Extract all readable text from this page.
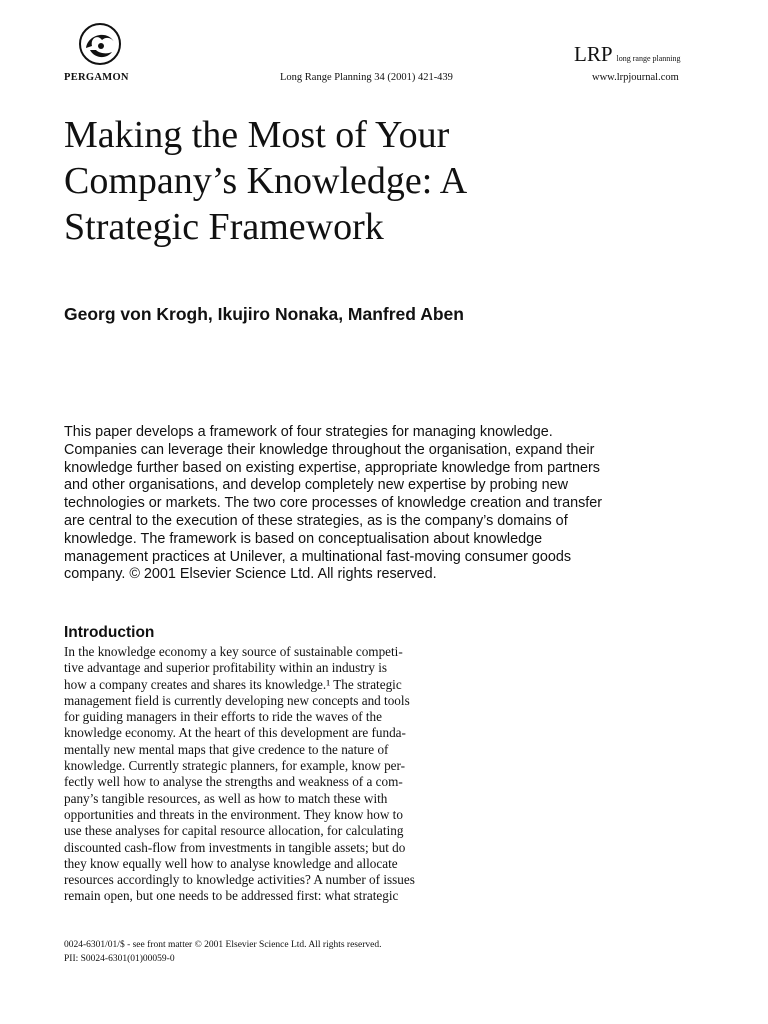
PERGAMON	Long Range Planning 34 (2001) 421-439
LRP long range planning
www.lrpjournal.com
Making the Most of Your
Company’s Knowledge: A
Strategic Framework

Georg von Krogh, Ikujiro Nonaka, Manfred Aben

This paper develops a framework of four strategies for managing knowledge.
Companies can leverage their knowledge throughout the organisation, expand their
knowledge further based on existing expertise, appropriate knowledge from partners
and other organisations, and develop completely new expertise by probing new
technologies or markets. The two core processes of knowledge creation and transfer
are central to the execution of these strategies, as is the company’s domains of
knowledge. The framework is based on conceptualisation about knowledge
management practices at Unilever, a multinational fast-moving consumer goods
company. © 2001 Elsevier Science Ltd. All rights reserved.
Introduction
In the knowledge economy a key source of sustainable competi-
tive advantage and superior profitability within an industry is
how a company creates and shares its knowledge.¹ The strategic
management field is currently developing new concepts and tools
for guiding managers in their efforts to ride the waves of the
knowledge economy. At the heart of this development are funda-
mentally new mental maps that give credence to the nature of
knowledge. Currently strategic planners, for example, know per-
fectly well how to analyse the strengths and weakness of a com-
pany’s tangible resources, as well as how to match these with
opportunities and threats in the environment. They know how to
use these analyses for capital resource allocation, for calculating
discounted cash-flow from investments in tangible assets; but do
they know equally well how to analyse knowledge and allocate
resources accordingly to knowledge activities? A number of issues
remain open, but one needs to be addressed first: what strategic
0024-6301/01/$ - see front matter © 2001 Elsevier Science Ltd. All rights reserved.
PII: S0024-6301(01)00059-0
